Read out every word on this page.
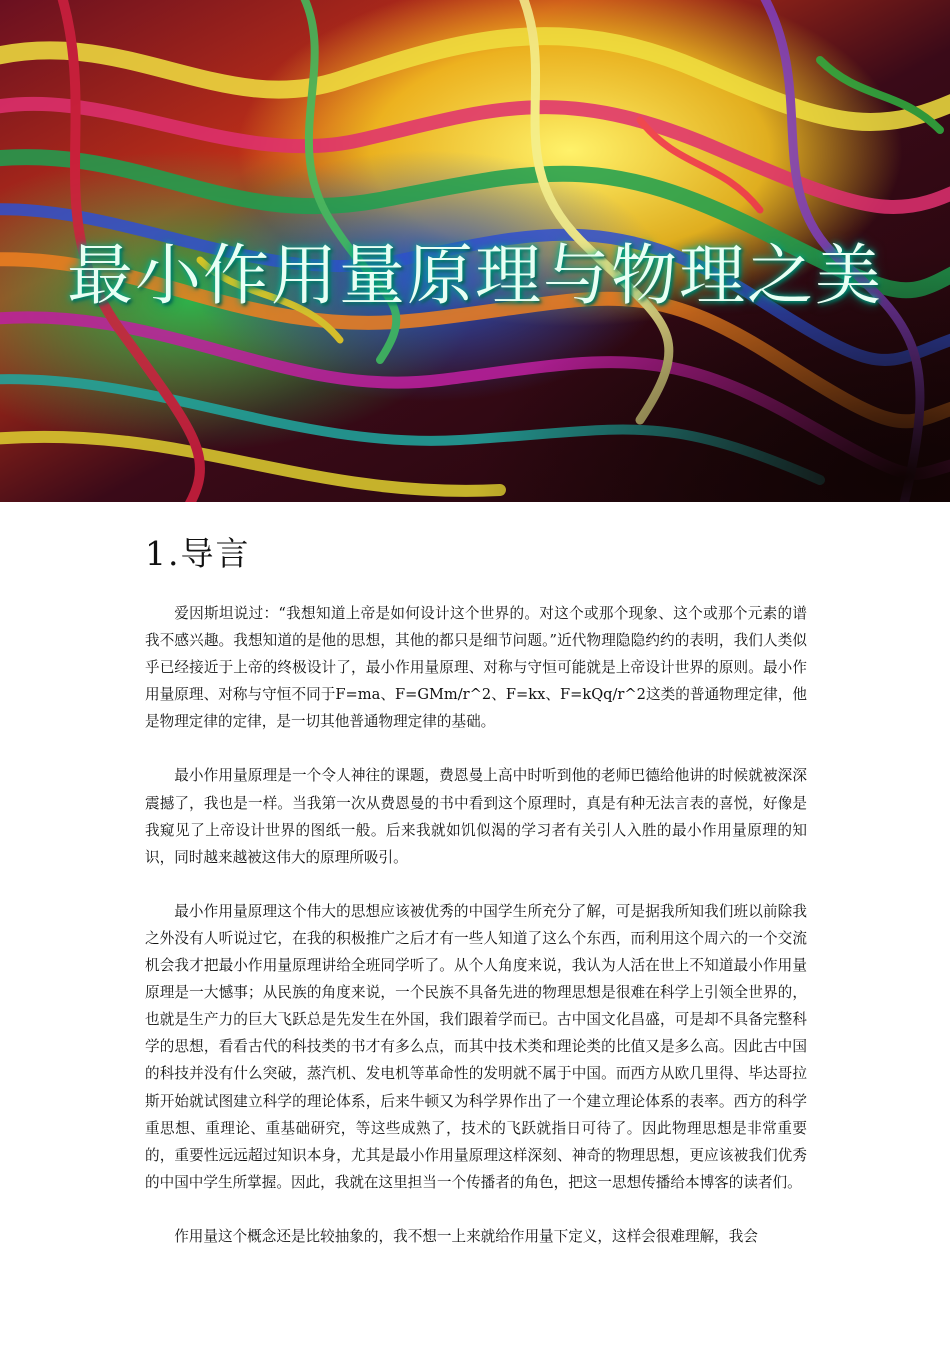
最小作用量原理与物理之美
1.导言

爱因斯坦说过：“我想知道上帝是如何设计这个世界的。对这个或那个现象、这个或那个元素的谱我不感兴趣。我想知道的是他的思想，其他的都只是细节问题。”近代物理隐隐约约的表明，我们人类似乎已经接近于上帝的终极设计了，最小作用量原理、对称与守恒可能就是上帝设计世界的原则。最小作用量原理、对称与守恒不同于F=ma、F=GMm/r^2、F=kx、F=kQq/r^2这类的普通物理定律，他是物理定律的定律，是一切其他普通物理定律的基础。

最小作用量原理是一个令人神往的课题，费恩曼上高中时听到他的老师巴德给他讲的时候就被深深震撼了，我也是一样。当我第一次从费恩曼的书中看到这个原理时，真是有种无法言表的喜悦，好像是我窥见了上帝设计世界的图纸一般。后来我就如饥似渴的学习者有关引人入胜的最小作用量原理的知识，同时越来越被这伟大的原理所吸引。

最小作用量原理这个伟大的思想应该被优秀的中国学生所充分了解，可是据我所知我们班以前除我之外没有人听说过它，在我的积极推广之后才有一些人知道了这么个东西，而利用这个周六的一个交流机会我才把最小作用量原理讲给全班同学听了。从个人角度来说，我认为人活在世上不知道最小作用量原理是一大憾事；从民族的角度来说，一个民族不具备先进的物理思想是很难在科学上引领全世界的，也就是生产力的巨大飞跃总是先发生在外国，我们跟着学而已。古中国文化昌盛，可是却不具备完整科学的思想，看看古代的科技类的书才有多么点，而其中技术类和理论类的比值又是多么高。因此古中国的科技并没有什么突破，蒸汽机、发电机等革命性的发明就不属于中国。而西方从欧几里得、毕达哥拉斯开始就试图建立科学的理论体系，后来牛顿又为科学界作出了一个建立理论体系的表率。西方的科学重思想、重理论、重基础研究，等这些成熟了，技术的飞跃就指日可待了。因此物理思想是非常重要的，重要性远远超过知识本身，尤其是最小作用量原理这样深刻、神奇的物理思想，更应该被我们优秀的中国中学生所掌握。因此，我就在这里担当一个传播者的角色，把这一思想传播给本博客的读者们。

作用量这个概念还是比较抽象的，我不想一上来就给作用量下定义，这样会很难理解，我会
